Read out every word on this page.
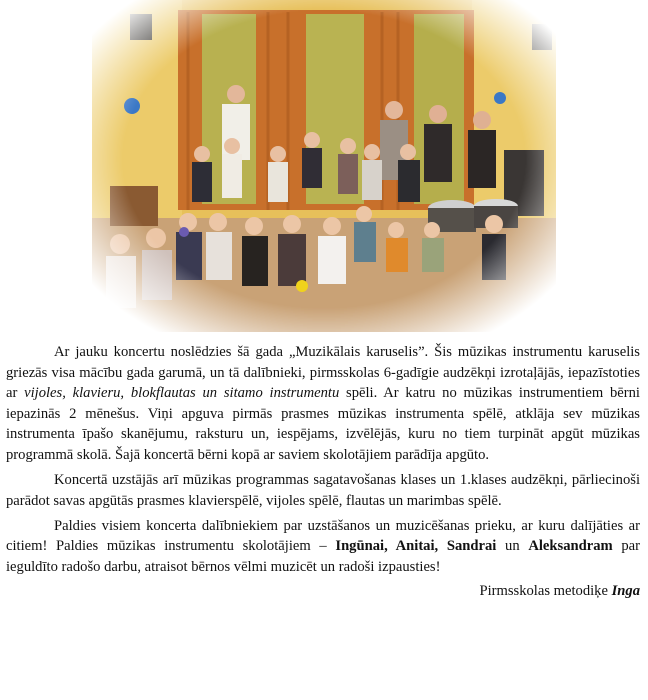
Ar jauku koncertu noslēdzies šā gada „Muzikālais karuselis”. Šis mūzikas instrumentu karuselis griezās visa mācību gada garumā, un tā dalībnieki, pirmsskolas 6-gadīgie audzēkņi izrotaļājās, iepazīstoties ar vijoles, klavieru, blokflautas un sitamo instrumentu spēli. Ar katru no mūzikas instrumentiem bērni iepazinās 2 mēnešus. Viņi apguva pirmās prasmes mūzikas instrumenta spēlē, atklāja sev mūzikas instrumenta īpašo skanējumu, raksturu un, iespējams, izvēlējās, kuru no tiem turpināt apgūt mūzikas programmā skolā. Šajā koncertā bērni kopā ar saviem skolotājiem parādīja apgūto.

Koncertā uzstājās arī mūzikas programmas sagatavošanas klases un 1.klases audzēkņi, pārliecinoši parādot savas apgūtās prasmes klavierspēlē, vijoles spēlē, flautas un marimbas spēlē.

Paldies visiem koncerta dalībniekiem par uzstāšanos un muzicēšanas prieku, ar kuru dalījāties ar citiem! Paldies mūzikas instrumentu skolotājiem – Ingūnai, Anitai, Sandrai un Aleksandram par ieguldīto radošo darbu, atraisot bērnos vēlmi muzicēt un radoši izpausties!

Pirmsskolas metodiķe Inga
